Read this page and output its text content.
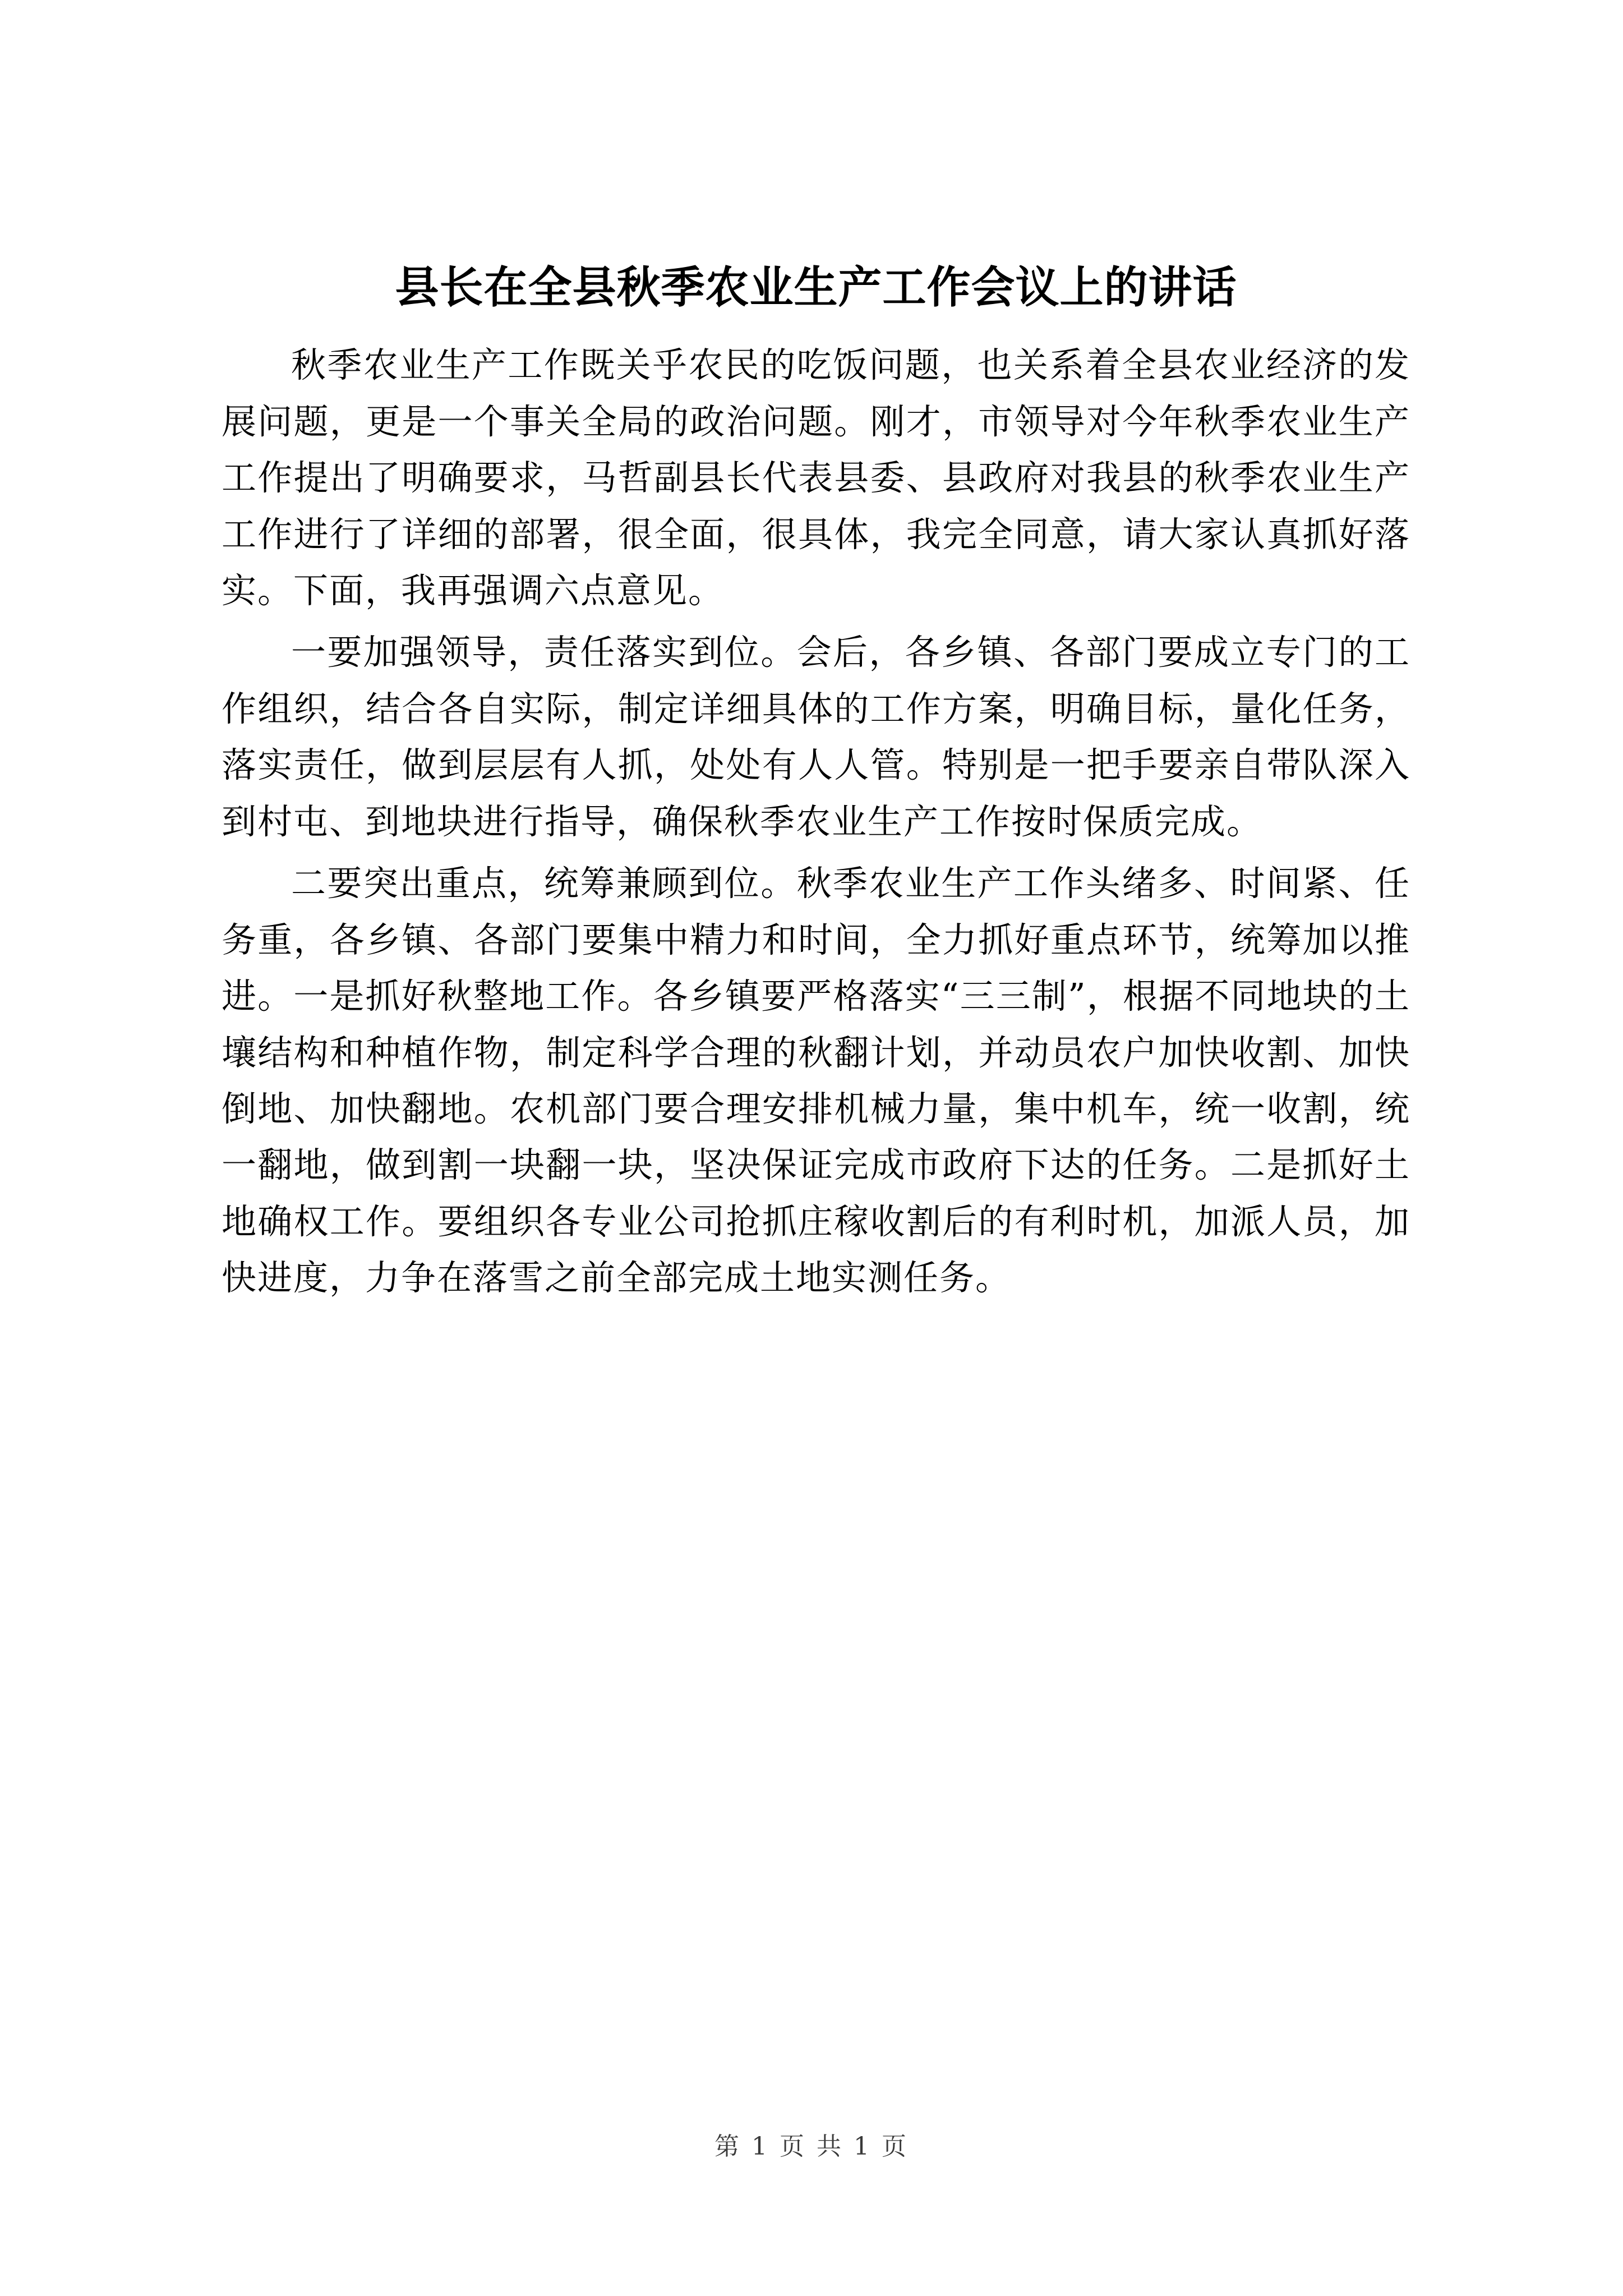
县长在全县秋季农业生产工作会议上的讲话

秋季农业生产工作既关乎农民的吃饭问题，也关系着全县农业经济的发展问题，更是一个事关全局的政治问题。刚才，市领导对今年秋季农业生产工作提出了明确要求，马哲副县长代表县委、县政府对我县的秋季农业生产工作进行了详细的部署，很全面，很具体，我完全同意，请大家认真抓好落实。下面，我再强调六点意见。

一要加强领导，责任落实到位。会后，各乡镇、各部门要成立专门的工作组织，结合各自实际，制定详细具体的工作方案，明确目标，量化任务，落实责任，做到层层有人抓，处处有人人管。特别是一把手要亲自带队深入到村屯、到地块进行指导，确保秋季农业生产工作按时保质完成。

二要突出重点，统筹兼顾到位。秋季农业生产工作头绪多、时间紧、任务重，各乡镇、各部门要集中精力和时间，全力抓好重点环节，统筹加以推进。一是抓好秋整地工作。各乡镇要严格落实“三三制”，根据不同地块的土壤结构和种植作物，制定科学合理的秋翻计划，并动员农户加快收割、加快倒地、加快翻地。农机部门要合理安排机械力量，集中机车，统一收割，统一翻地，做到割一块翻一块，坚决保证完成市政府下达的任务。二是抓好土地确权工作。要组织各专业公司抢抓庄稼收割后的有利时机，加派人员，加快进度，力争在落雪之前全部完成土地实测任务。

第 1 页 共 1 页
